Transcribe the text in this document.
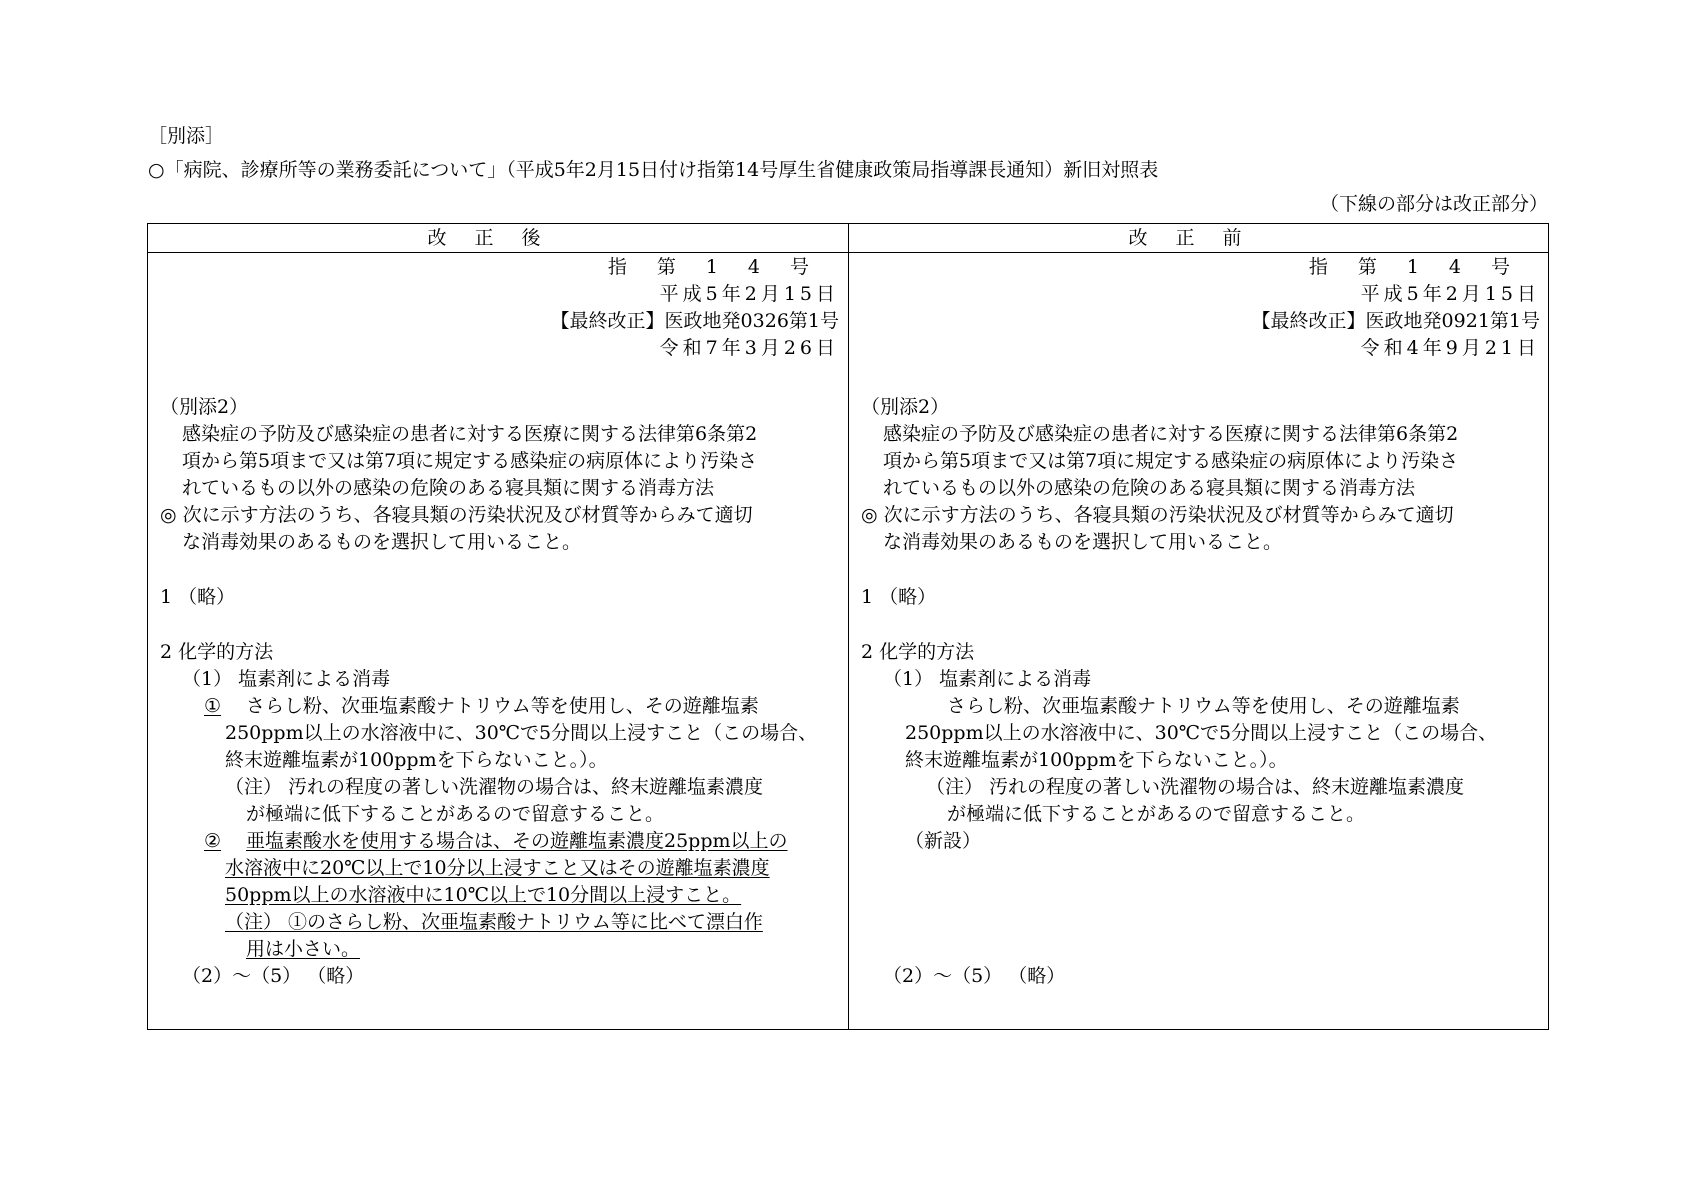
［別添］
○「病院、診療所等の業務委託について」（平成5年2月15日付け指第14号厚生省健康政策局指導課長通知）新旧対照表
（下線の部分は改正部分）
改正後	改正前
指第14号
平成5年2月15日
【最終改正】医政地発0326第1号
令和7年3月26日
（別添2）
感染症の予防及び感染症の患者に対する医療に関する法律第6条第2
項から第5項まで又は第7項に規定する感染症の病原体により汚染さ
れているもの以外の感染の危険のある寝具類に関する消毒方法
◎ 次に示す方法のうち、各寝具類の汚染状況及び材質等からみて適切
な消毒効果のあるものを選択して用いること。
1 （略）
2 化学的方法
（1） 塩素剤による消毒
① さらし粉、次亜塩素酸ナトリウム等を使用し、その遊離塩素
250ppm以上の水溶液中に、30℃で5分間以上浸すこと（この場合、
終末遊離塩素が100ppmを下らないこと。）。
（注） 汚れの程度の著しい洗濯物の場合は、終末遊離塩素濃度
が極端に低下することがあるので留意すること。
② 亜塩素酸水を使用する場合は、その遊離塩素濃度25ppm以上の
水溶液中に20℃以上で10分以上浸すこと又はその遊離塩素濃度
50ppm以上の水溶液中に10℃以上で10分間以上浸すこと。
（注） ①のさらし粉、次亜塩素酸ナトリウム等に比べて漂白作
用は小さい。
（2）～（5） （略）
指第14号
平成5年2月15日
【最終改正】医政地発0921第1号
令和4年9月21日
（別添2）
感染症の予防及び感染症の患者に対する医療に関する法律第6条第2
項から第5項まで又は第7項に規定する感染症の病原体により汚染さ
れているもの以外の感染の危険のある寝具類に関する消毒方法
◎ 次に示す方法のうち、各寝具類の汚染状況及び材質等からみて適切
な消毒効果のあるものを選択して用いること。
1 （略）
2 化学的方法
（1） 塩素剤による消毒
さらし粉、次亜塩素酸ナトリウム等を使用し、その遊離塩素
250ppm以上の水溶液中に、30℃で5分間以上浸すこと（この場合、
終末遊離塩素が100ppmを下らないこと。）。
（注） 汚れの程度の著しい洗濯物の場合は、終末遊離塩素濃度
が極端に低下することがあるので留意すること。
（新設）
（2）～（5） （略）
